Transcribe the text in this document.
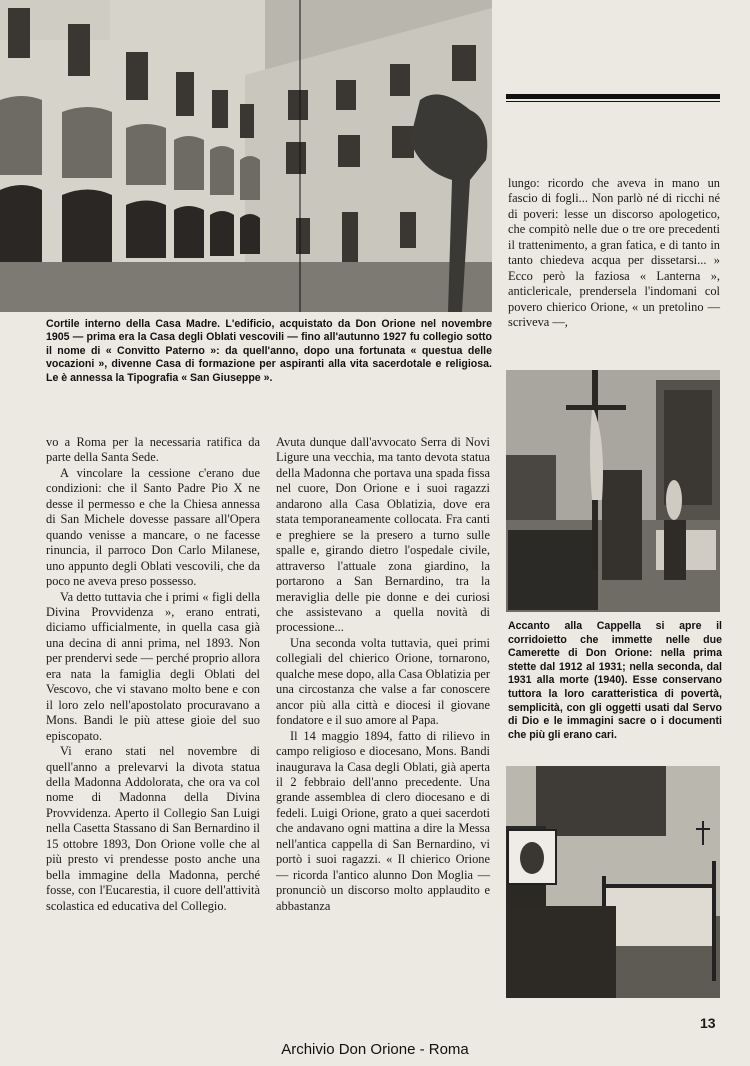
lungo: ricordo che aveva in mano un fascio di fogli... Non parlò né di ricchi né di poveri: lesse un discorso apologetico, che compitò nelle due o tre ore precedenti il trattenimento, a gran fatica, e di tanto in tanto chiedeva acqua per dissetarsi... » Ecco però la faziosa « Lanterna », anticlericale, prendersela l'indomani col povero chierico Orione, « un pretolino — scriveva —,

Cortile interno della Casa Madre. L'edificio, acquistato da Don Orione nel novembre 1905 — prima era la Casa degli Oblati vescovili — fino all'autunno 1927 fu collegio sotto il nome di « Convitto Paterno »: da quell'anno, dopo una fortunata « questua delle vocazioni », divenne Casa di formazione per aspiranti alla vita sacerdotale e religiosa. Le è annessa la Tipografia « San Giuseppe ».
Accanto alla Cappella si apre il corridoietto che immette nelle due Camerette di Don Orione: nella prima stette dal 1912 al 1931; nella seconda, dal 1931 alla morte (1940). Esse conservano tuttora la loro caratteristica di povertà, semplicità, con gli oggetti usati dal Servo di Dio e le immagini sacre o i documenti che più gli erano cari.

vo a Roma per la necessaria ratifica da parte della Santa Sede.

A vincolare la cessione c'erano due condizioni: che il Santo Padre Pio X ne desse il permesso e che la Chiesa annessa di San Michele dovesse passare all'Opera quando venisse a mancare, o ne facesse rinuncia, il parroco Don Carlo Milanese, uno appunto degli Oblati vescovili, che da poco ne aveva preso possesso.

Va detto tuttavia che i primi « figli della Divina Provvidenza », erano entrati, diciamo ufficialmente, in quella casa già una decina di anni prima, nel 1893. Non per prendervi sede — perché proprio allora era nata la famiglia degli Oblati del Vescovo, che vi stavano molto bene e con il loro zelo nell'apostolato procuravano a Mons. Bandi le più attese gioie del suo episcopato.

Vi erano stati nel novembre di quell'anno a prelevarvi la divota statua della Madonna Addolorata, che ora va col nome di Madonna della Divina Provvidenza. Aperto il Collegio San Luigi nella Casetta Stassano di San Bernardino il 15 ottobre 1893, Don Orione volle che al più presto vi prendesse posto anche una bella immagine della Madonna, perché fosse, con l'Eucarestia, il cuore dell'attività scolastica ed educativa del Collegio.

Avuta dunque dall'avvocato Serra di Novi Ligure una vecchia, ma tanto devota statua della Madonna che portava una spada fissa nel cuore, Don Orione e i suoi ragazzi andarono alla Casa Oblatizia, dove era stata temporaneamente collocata. Fra canti e preghiere se la presero a turno sulle spalle e, girando dietro l'ospedale civile, attraverso l'attuale zona giardino, la portarono a San Bernardino, tra la meraviglia delle pie donne e dei curiosi che assistevano a quella novità di processione...

Una seconda volta tuttavia, quei primi collegiali del chierico Orione, tornarono, qualche mese dopo, alla Casa Oblatizia per una circostanza che valse a far conoscere ancor più alla città e diocesi il giovane fondatore e il suo amore al Papa.

Il 14 maggio 1894, fatto di rilievo in campo religioso e diocesano, Mons. Bandi inaugurava la Casa degli Oblati, già aperta il 2 febbraio dell'anno precedente. Una grande assemblea di clero diocesano e di fedeli. Luigi Orione, grato a quei sacerdoti che andavano ogni mattina a dire la Messa nell'antica cappella di San Bernardino, vi portò i suoi ragazzi. « Il chierico Orione — ricorda l'antico alunno Don Moglia — pronunciò un discorso molto applaudito e abbastanza

13
Archivio Don Orione - Roma
